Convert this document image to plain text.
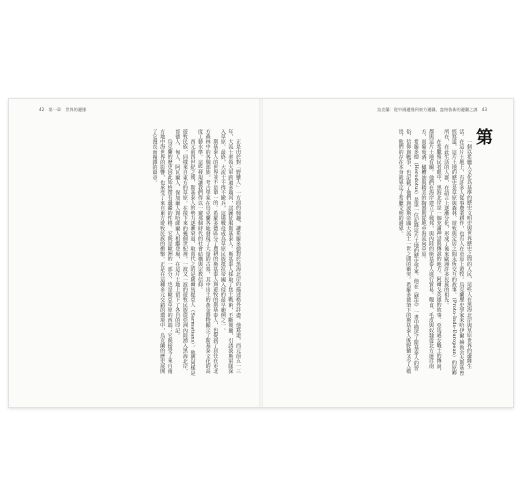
42　第一章　世界的邊緣

正是由於對「野蠻人」一方面的興趣，讓希羅多德對於黑海北岸的描述格外詳盡。他寫道，西元前五一三年，大流士率領大軍跨過多瑙河，試圖征服斯基泰人。斯基泰人採取了焦土戰術，不斷後撤，引誘波斯軍隊深入草原。最終，大流士不得不撤兵，這場戰役成為草原民族抵抗帝國入侵的最早範例之一。

斯基泰人的世界並不是單一的。希羅多德區分了農耕的斯基泰人與遊牧的斯基泰人，也提到了居住在更北方森林中的各個部族。考古學家在烏克蘭各地發現了大量的古墓，其中出土的黃金器物顯示了斯基泰文化的高度工藝水準。這些發現讓我們得以一窺那個時代的社會結構與宗教信仰。

西元前四世紀之後，斯基泰人的勢力逐漸衰退，取而代之的是薩爾馬提亞人（Sarmatians）。他們同樣是遊牧民族，同樣來自東方的草原。在接下來的幾個世紀裡，一波又一波的遊牧民族從亞洲內陸湧入黑海北岸，哥德人、匈人、阿瓦爾人、保加爾人與哈薩爾人相繼登場，在這片土地上留下了各自的印記。

烏克蘭的歷史因此始終帶有邊疆的性格。它既是歐洲的一部分，也是歐亞草原的西端；它既接受了來自南方地中海世界的影響，也承受了來自東方遊牧民族的衝擊。正是在這種多元交錯的環境中，烏克蘭的歷史展開了它漫長而複雜的篇章。

烏克蘭：從中國邊緣到東方邊疆，盎格魯新的邊疆之謎　43
第

一個以希臘人文化為基準的歷史文明史與世界歷史之間的人民，這些人在黑海北岸與草原世界的邊緣生活。在這片土地上，有許多人從事農業耕作，也有人在草原上遊牧。烏克蘭歷史學家米哈伊爾‧赫魯舍夫斯基曾經寫道，這片土地的歷史是草原與森林、遊牧與定居之間永恆交互的故事。（Proto-Indo-European）的原鄉所在，在此生活的人群，在語言上逐漸分化，形成了後來歐洲許多民族的祖先。

在希臘殖民者眼中，黑海北岸是一個充滿神話與傳說的地方。阿爾戈英雄的故事、亞馬遜女戰士的傳說，都與這片土地有關。他們在海岸建立了城邦，與內陸的斯基泰人進行貿易。糧食、毛皮與奴隸從北方運往南方，而葡萄酒、橄欖油與精美的陶器則從地中海流向草原。

希羅多德（Herodotus）是第一位記錄這片土地的歷史學家。他在《歷史》一書中描述了斯基泰人的習俗、信仰與戰爭，也記載了他們與波斯帝國大流士一世之間的衝突。希羅多德筆下的斯基泰人既野蠻又令人敬畏，他們的存在本身就界定了希臘文明的邊界。
